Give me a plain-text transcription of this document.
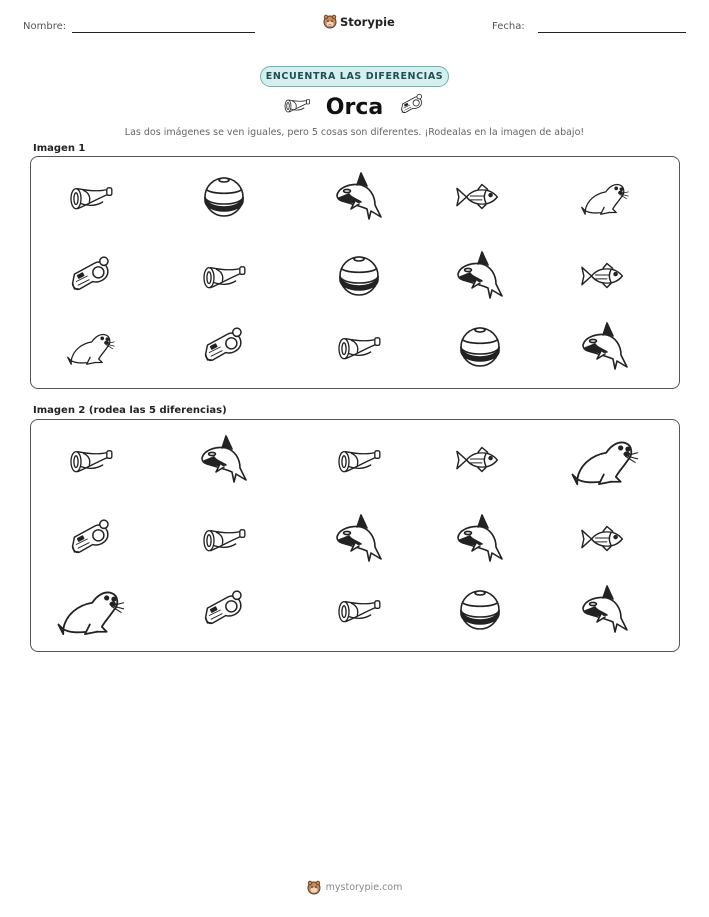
Nombre:	Storypie	Fecha:
ENCUENTRA LAS DIFERENCIAS
Orca
Las dos imágenes se ven iguales, pero 5 cosas son diferentes. ¡Rodealas en la imagen de abajo!
Imagen 1
Imagen 2 (rodea las 5 diferencias)
mystorypie.com
